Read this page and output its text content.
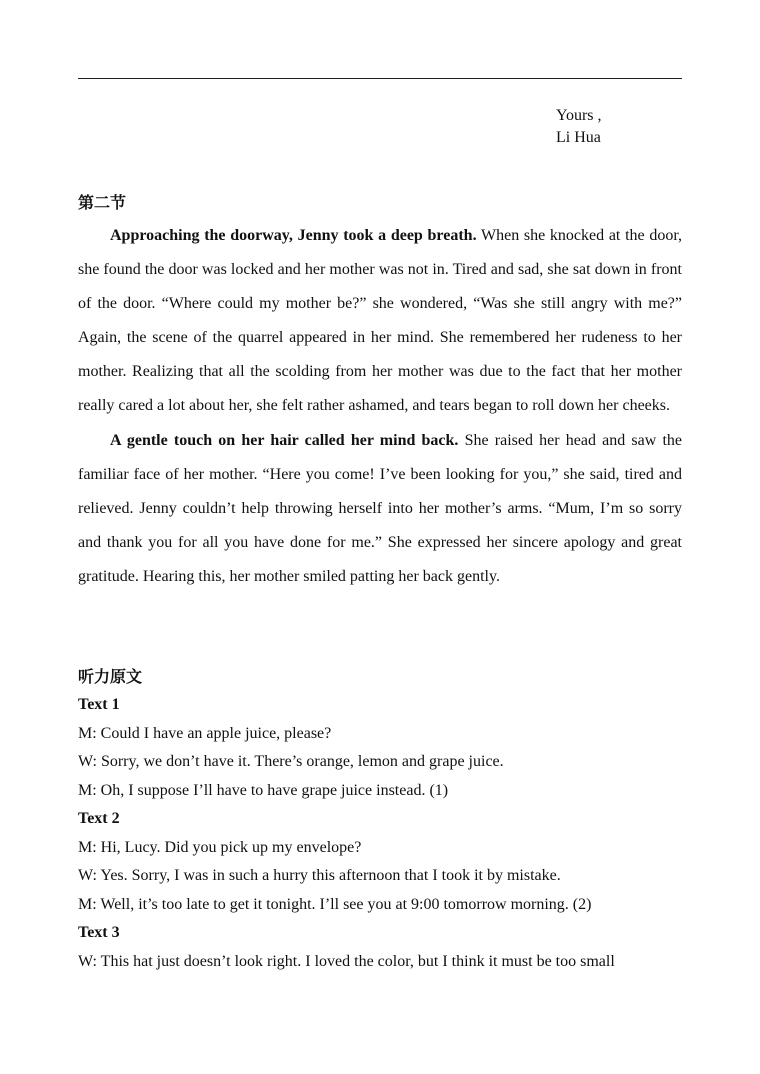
Yours ,
Li Hua
第二节

Approaching the doorway, Jenny took a deep breath. When she knocked at the door, she found the door was locked and her mother was not in. Tired and sad, she sat down in front of the door. “Where could my mother be?” she wondered, “Was she still angry with me?” Again, the scene of the quarrel appeared in her mind. She remembered her rudeness to her mother. Realizing that all the scolding from her mother was due to the fact that her mother really cared a lot about her, she felt rather ashamed, and tears began to roll down her cheeks.

A gentle touch on her hair called her mind back. She raised her head and saw the familiar face of her mother. “Here you come! I’ve been looking for you,” she said, tired and relieved. Jenny couldn’t help throwing herself into her mother’s arms. “Mum, I’m so sorry and thank you for all you have done for me.” She expressed her sincere apology and great gratitude. Hearing this, her mother smiled patting her back gently.

听力原文
Text 1
M: Could I have an apple juice, please?
W: Sorry, we don’t have it. There’s orange, lemon and grape juice.
M: Oh, I suppose I’ll have to have grape juice instead. (1)
Text 2
M: Hi, Lucy. Did you pick up my envelope?
W: Yes. Sorry, I was in such a hurry this afternoon that I took it by mistake.
M: Well, it’s too late to get it tonight. I’ll see you at 9:00 tomorrow morning. (2)
Text 3
W: This hat just doesn’t look right. I loved the color, but I think it must be too small
